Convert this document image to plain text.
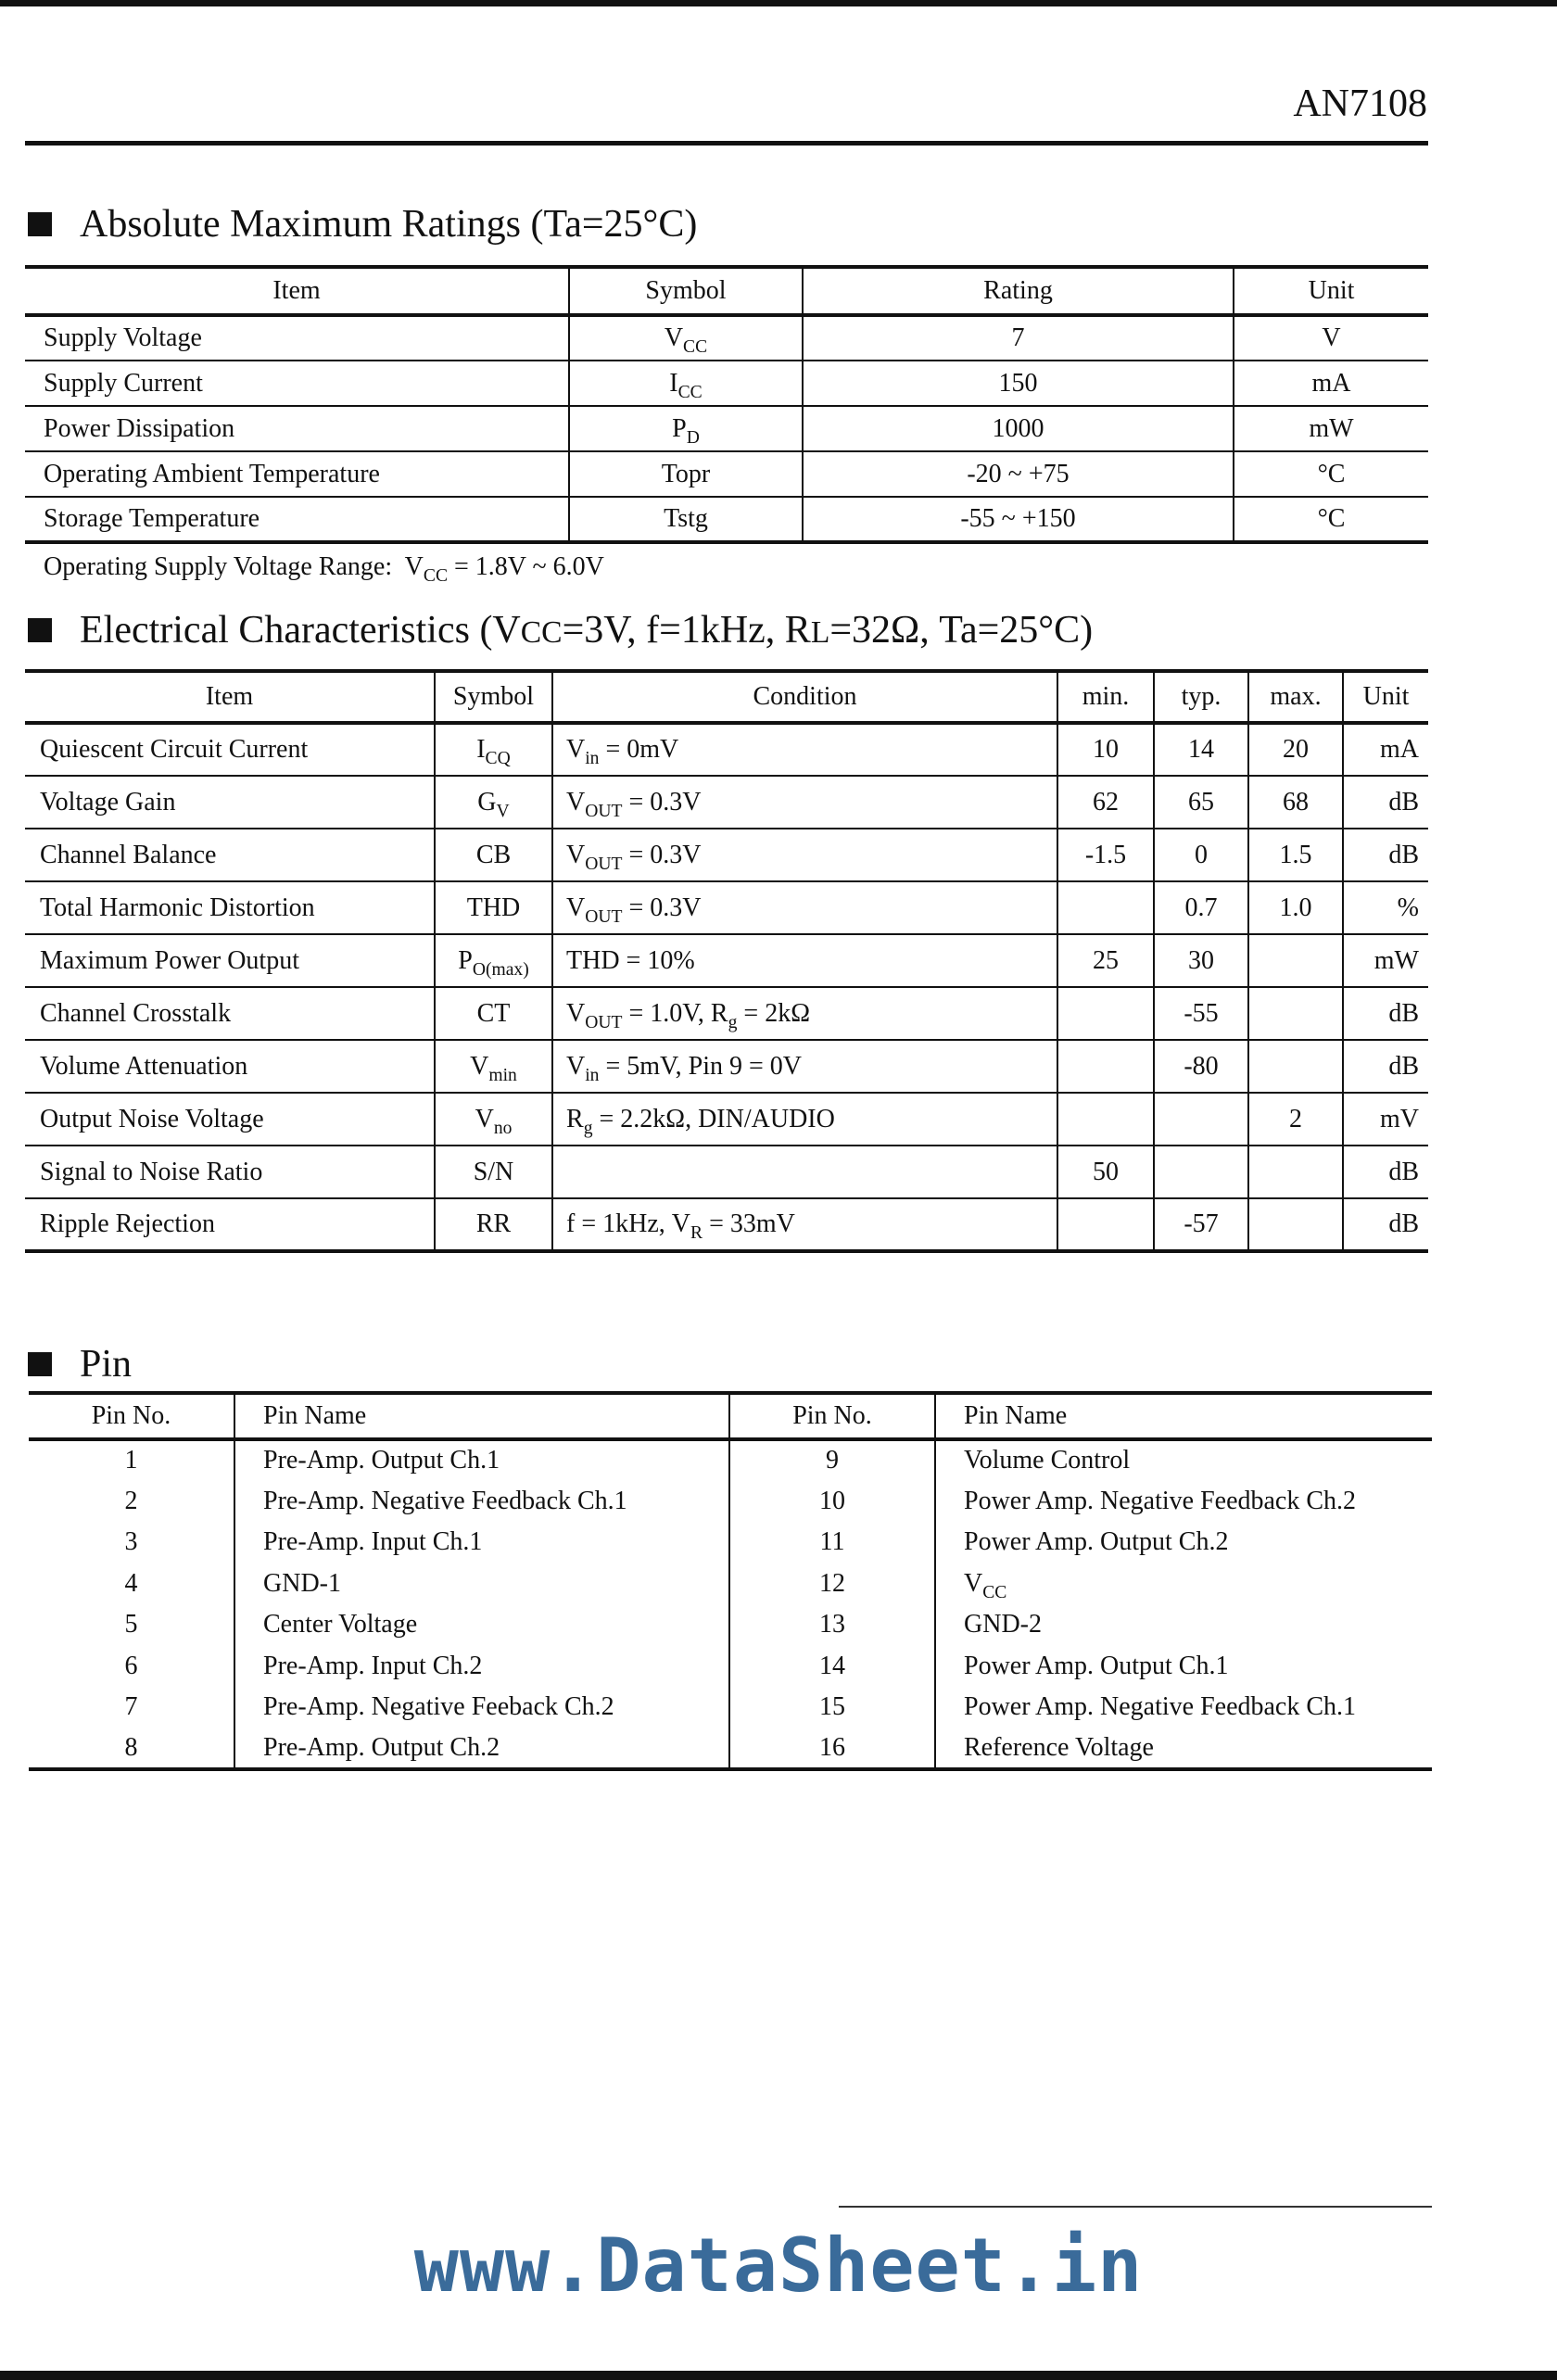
AN7108
Absolute Maximum Ratings (Ta=25°C)
Item	Symbol	Rating	Unit
Supply Voltage	$V_{CC}$	7	V
Supply Current	$I_{CC}$	150	mA
Power Dissipation	$P_D$	1000	mW
Operating Ambient Temperature	Topr	-20 ~ +75	°C
Storage Temperature	Tstg	-55 ~ +150	°C
Operating Supply Voltage Range: $V_{CC} = 1.8V$ ~ 6.0V
Electrical Characteristics (VCC=3V, f=1kHz, RL=32Ω, Ta=25°C)
Item	Symbol	Condition	min.	typ.	max.	Unit
Quiescent Circuit Current	$I_{CQ}$	$V_{in} = 0mV$	10	14	20	mA
Voltage Gain	$G_V$	$V_{OUT} = 0.3V$	62	65	68	dB
Channel Balance	CB	$V_{OUT} = 0.3V$	-1.5	0	1.5	dB
Total Harmonic Distortion	THD	$V_{OUT} = 0.3V$		0.7	1.0	%
Maximum Power Output	$P_{O(max)}$	THD = 10%	25	30		mW
Channel Crosstalk	CT	$V_{OUT} = 1.0V$, $R_g = 2k\Omega$		-55		dB
Volume Attenuation	$V_{min}$	$V_{in} = 5mV$, Pin 9 = 0V		-80		dB
Output Noise Voltage	$V_{no}$	$R_g = 2.2k\Omega$, DIN/AUDIO			2	mV
Signal to Noise Ratio	S/N		50			dB
Ripple Rejection	RR	f = 1kHz, $V_R = 33mV$		-57		dB
Pin
Pin No.	Pin Name	Pin No.	Pin Name
1	Pre-Amp. Output Ch.1	9	Volume Control
2	Pre-Amp. Negative Feedback Ch.1	10	Power Amp. Negative Feedback Ch.2
3	Pre-Amp. Input Ch.1	11	Power Amp. Output Ch.2
4	GND-1	12	$V_{CC}$
5	Center Voltage	13	GND-2
6	Pre-Amp. Input Ch.2	14	Power Amp. Output Ch.1
7	Pre-Amp. Negative Feeback Ch.2	15	Power Amp. Negative Feedback Ch.1
8	Pre-Amp. Output Ch.2	16	Reference Voltage
www.DataSheet.in
